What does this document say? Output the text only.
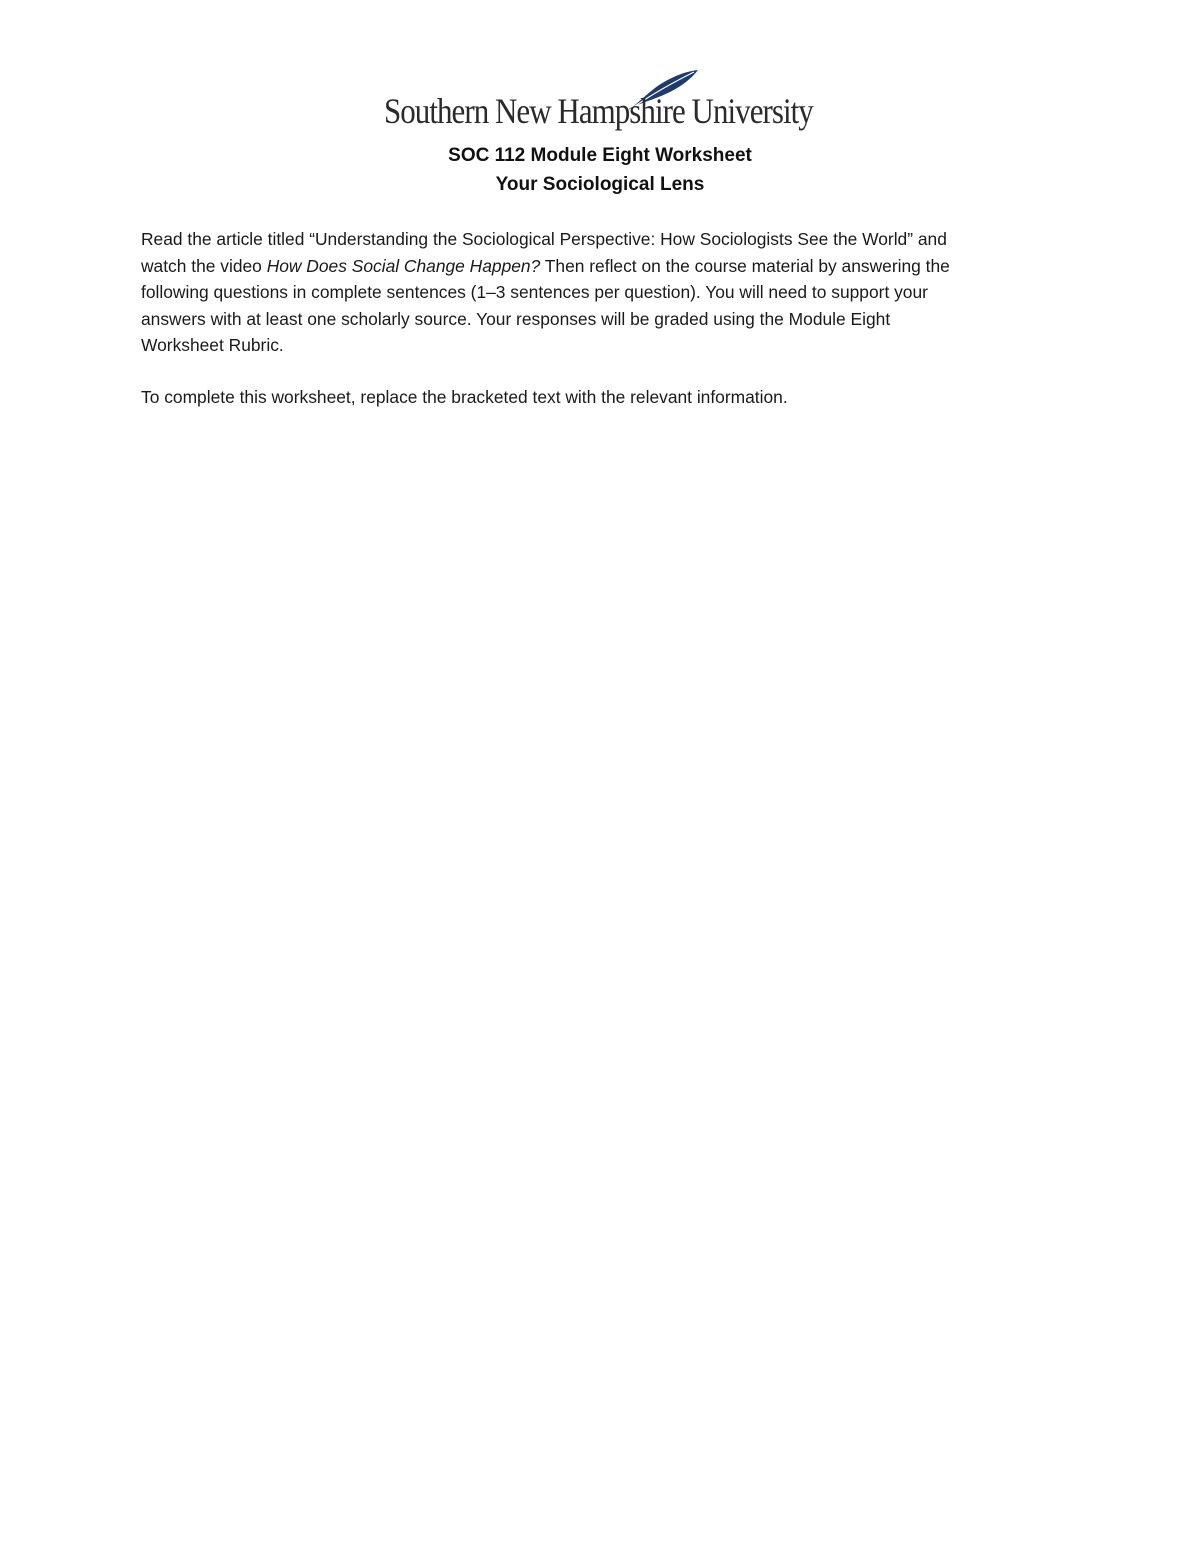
Southern New Hampshire University
SOC 112 Module Eight Worksheet
Your Sociological Lens
Read the article titled “Understanding the Sociological Perspective: How Sociologists See the World” and
watch the video How Does Social Change Happen? Then reflect on the course material by answering the
following questions in complete sentences (1–3 sentences per question). You will need to support your
answers with at least one scholarly source. Your responses will be graded using the Module Eight
Worksheet Rubric.
To complete this worksheet, replace the bracketed text with the relevant information.
